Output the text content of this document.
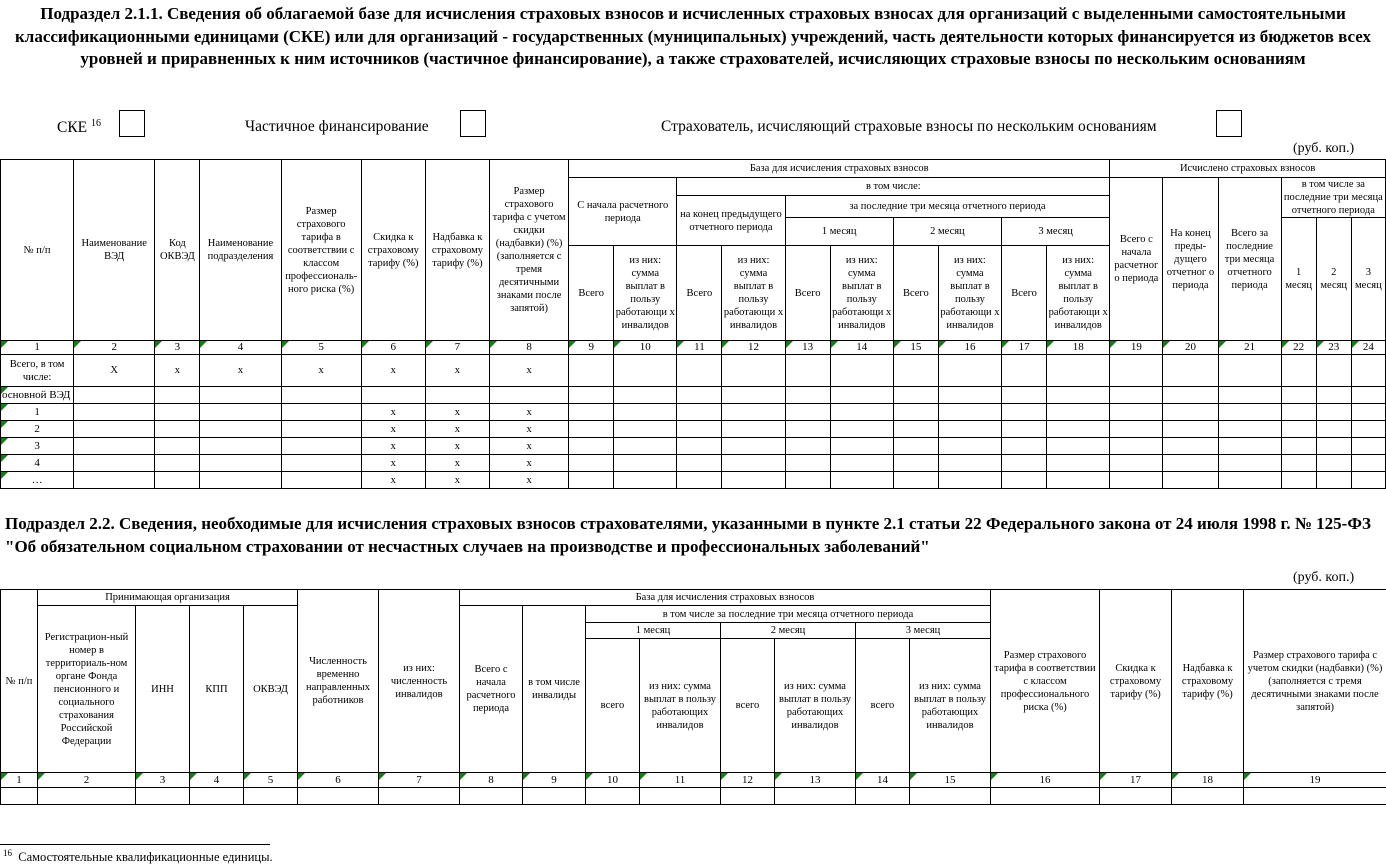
Подраздел 2.1.1. Сведения об облагаемой базе для исчисления страховых взносов и исчисленных страховых взносах для организаций с выделенными самостоятельными классификационными единицами (СКЕ) или для организаций - государственных (муниципальных) учреждений, часть деятельности которых финансируется из бюджетов всех уровней и приравненных к ним источников (частичное финансирование), а также страхователей, исчисляющих страховые взносы по нескольким основаниям
СКЕ $^{16}$	Частичное финансирование	Страхователь, исчисляющий страховые взносы по нескольким основаниям
(руб. коп.)
№ п/п	Наименование ВЭД	Код ОКВЭД	Наименование подразделения	Размер страхового тарифа в соответствии с классом профессиональ-ного риска (%)	Скидка к страховому тарифу (%)	Надбавка к страховому тарифу (%)	Размер страхового тарифа с учетом скидки (надбавки) (%) (заполняется с тремя десятичными знаками после запятой)	База для исчисления страховых взносов										Исчислено страховых взносов					
								С начала расчетного периода		в том числе:								Всего с начала расчетног о периода	На конец преды-дущего отчетног о периода	Всего за последние три месяца отчетного периода	в том числе за последние три месяца отчетного периода		
										на конец предыдущего отчетного периода		за последние три месяца отчетного периода											
												1 месяц		2 месяц		3 месяц					1 месяц	2 месяц	3 месяц
								Всего	из них: сумма выплат в пользу работающи х инвалидов	Всего	из них: сумма выплат в пользу работающи х инвалидов	Всего	из них: сумма выплат в пользу работающи х инвалидов	Всего	из них: сумма выплат в пользу работающи х инвалидов	Всего	из них: сумма выплат в пользу работающи х инвалидов						
1	2	3	4	5	6	7	8	9	10	11	12	13	14	15	16	17	18	19	20	21	22	23	24
Всего, в том числе:	X	x	x	x	x	x	x																
основной ВЭД																							
1					x	x	x																
2					x	x	x																
3					x	x	x																
4					x	x	x																
…					x	x	x																
Подраздел 2.2. Сведения, необходимые для исчисления страховых взносов страхователями, указанными в пункте 2.1 статьи 22 Федерального закона от 24 июля 1998 г. № 125-ФЗ "Об обязательном социальном страховании от несчастных случаев на производстве и профессиональных заболеваний"
(руб. коп.)
№ п/п	Принимающая организация				Численность временно направленных работников	из них: численность инвалидов	База для исчисления страховых взносов								Размер страхового тарифа в соответствии с классом профессионального риска (%)	Скидка к страховому тарифу (%)	Надбавка к страховому тарифу (%)	Размер страхового тарифа с учетом скидки (надбавки) (%) (заполняется с тремя десятичными знаками после запятой)
	Регистрацион-ный номер в территориаль-ном органе Фонда пенсионного и социального страхования Российской Федерации	ИНН	КПП	ОКВЭД			Всего с начала расчетного периода	в том числе инвалиды	в том числе за последние три месяца отчетного периода									
									1 месяц		2 месяц		3 месяц					
									всего	из них: сумма выплат в пользу работающих инвалидов	всего	из них: сумма выплат в пользу работающих инвалидов	всего	из них: сумма выплат в пользу работающих инвалидов				
1	2	3	4	5	6	7	8	9	10	11	12	13	14	15	16	17	18	19

$^{16}$ Самостоятельные квалификационные единицы.
